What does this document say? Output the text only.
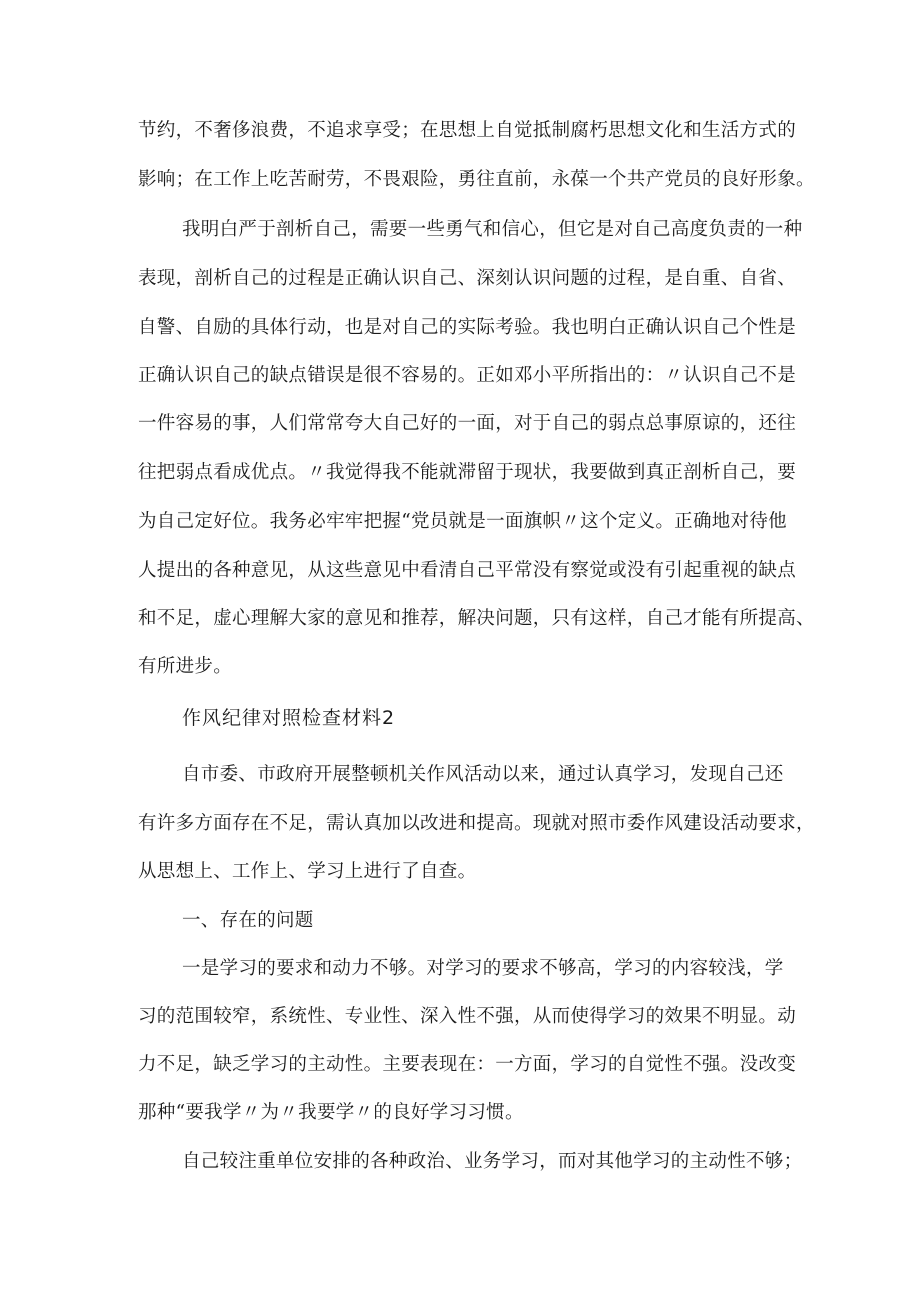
节约，不奢侈浪费，不追求享受；在思想上自觉抵制腐朽思想文化和生活方式的
影响；在工作上吃苦耐劳，不畏艰险，勇往直前，永葆一个共产党员的良好形象。
我明白严于剖析自己，需要一些勇气和信心，但它是对自己高度负责的一种
表现，剖析自己的过程是正确认识自己、深刻认识问题的过程，是自重、自省、
自警、自励的具体行动，也是对自己的实际考验。我也明白正确认识自己个性是
正确认识自己的缺点错误是很不容易的。正如邓小平所指出的：〃认识自己不是
一件容易的事，人们常常夸大自己好的一面，对于自己的弱点总事原谅的，还往
往把弱点看成优点。〃我觉得我不能就滞留于现状，我要做到真正剖析自己，要
为自己定好位。我务必牢牢把握“党员就是一面旗帜〃这个定义。正确地对待他
人提出的各种意见，从这些意见中看清自己平常没有察觉或没有引起重视的缺点
和不足，虚心理解大家的意见和推荐，解决问题，只有这样，自己才能有所提高、
有所进步。
作风纪律对照检查材料2
自市委、市政府开展整顿机关作风活动以来，通过认真学习，发现自己还
有许多方面存在不足，需认真加以改进和提高。现就对照市委作风建设活动要求，
从思想上、工作上、学习上进行了自查。
一、存在的问题
一是学习的要求和动力不够。对学习的要求不够高，学习的内容较浅，学
习的范围较窄，系统性、专业性、深入性不强，从而使得学习的效果不明显。动
力不足，缺乏学习的主动性。主要表现在：一方面，学习的自觉性不强。没改变
那种“要我学〃为〃我要学〃的良好学习习惯。
自己较注重单位安排的各种政治、业务学习，而对其他学习的主动性不够；
